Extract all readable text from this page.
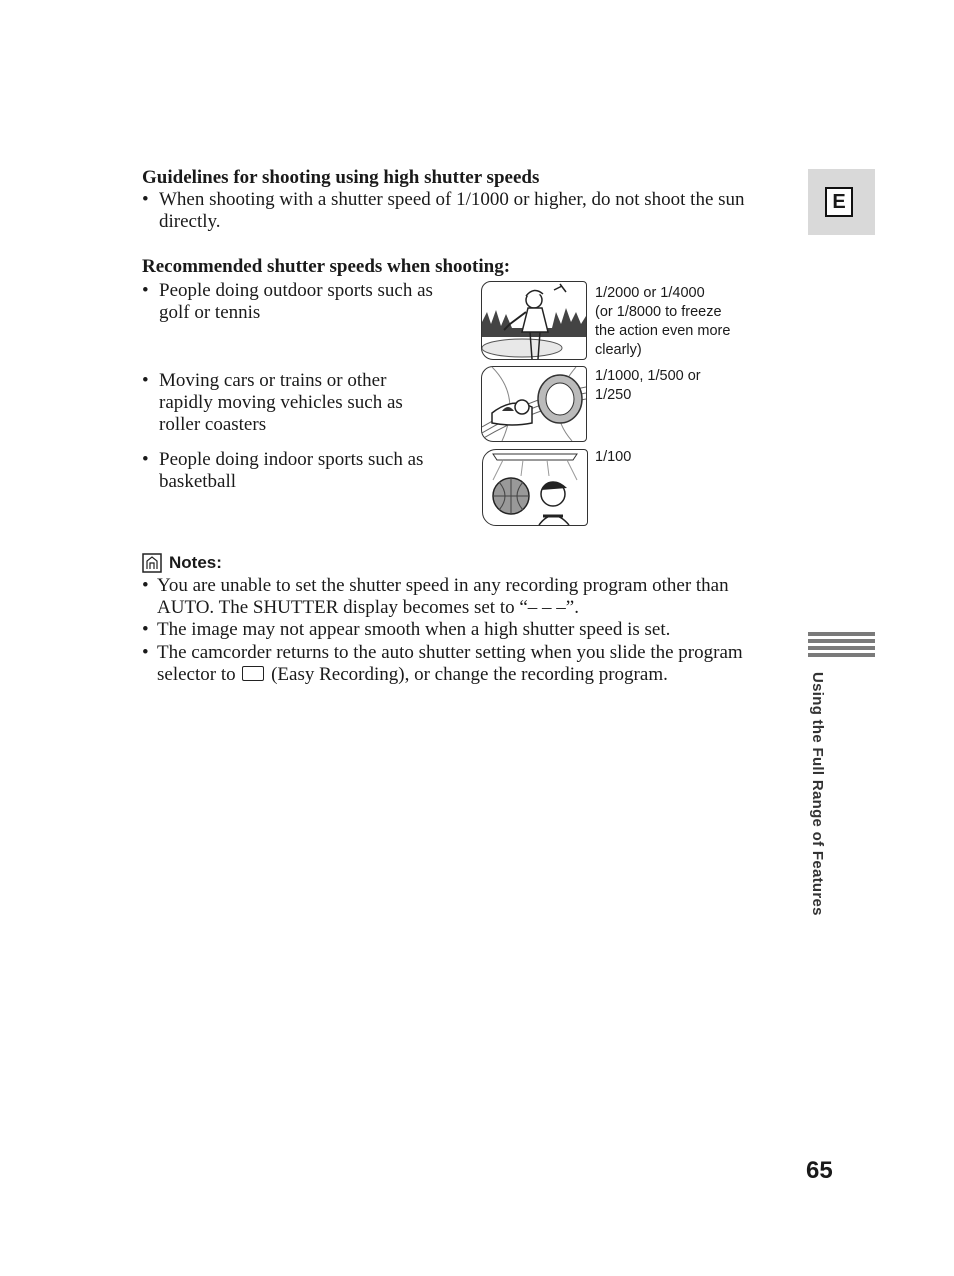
Guidelines for shooting using high shutter speeds
• When shooting with a shutter speed of 1/1000 or higher, do not shoot the sun directly.
Recommended shutter speeds when shooting:
• People doing outdoor sports such as golf or tennis
• Moving cars or trains or other rapidly moving vehicles such as roller coasters
• People doing indoor sports such as basketball
1/2000 or 1/4000
(or 1/8000 to freeze
the action even more
clearly)
1/1000, 1/500 or
1/250
1/100
Notes:
• You are unable to set the shutter speed in any recording program other than AUTO. The SHUTTER display becomes set to “– – –”.
• The image may not appear smooth when a high shutter speed is set.
• The camcorder returns to the auto shutter setting when you slide the program selector to (Easy Recording), or change the recording program.
E
Using the Full Range of Features
65
